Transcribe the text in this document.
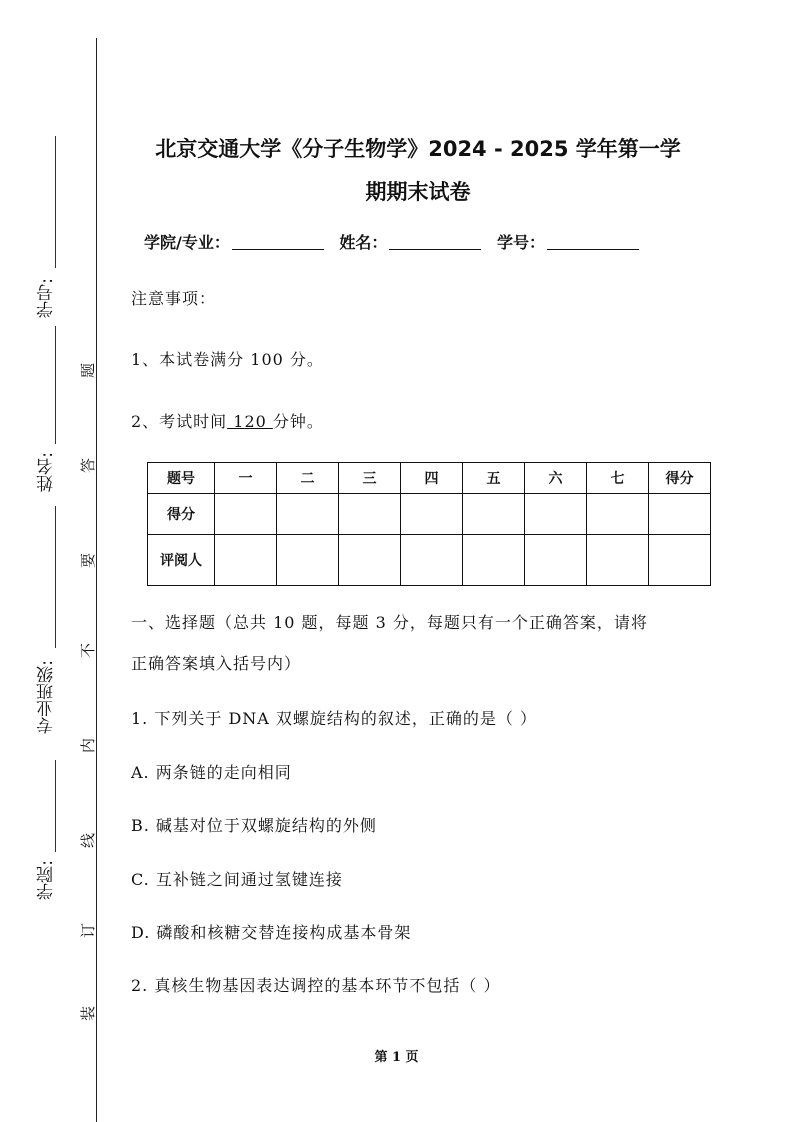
学号:
姓名:
专业班级:
学院:
题
答
要
不
内
线
订
装
北京交通大学《分子生物学》2024 - 2025 学年第一学
期期末试卷
学院/专业：	姓名：	学号：
注意事项：
1、本试卷满分 100 分。
2、考试时间 120 分钟。
题号	一	二	三	四	五	六	七	得分
得分								
评阅人								
一、选择题（总共 10 题，每题 3 分，每题只有一个正确答案，请将
正确答案填入括号内）
1. 下列关于 DNA 双螺旋结构的叙述，正确的是（ ）
A. 两条链的走向相同
B. 碱基对位于双螺旋结构的外侧
C. 互补链之间通过氢键连接
D. 磷酸和核糖交替连接构成基本骨架
2. 真核生物基因表达调控的基本环节不包括（ ）
第 1 页
